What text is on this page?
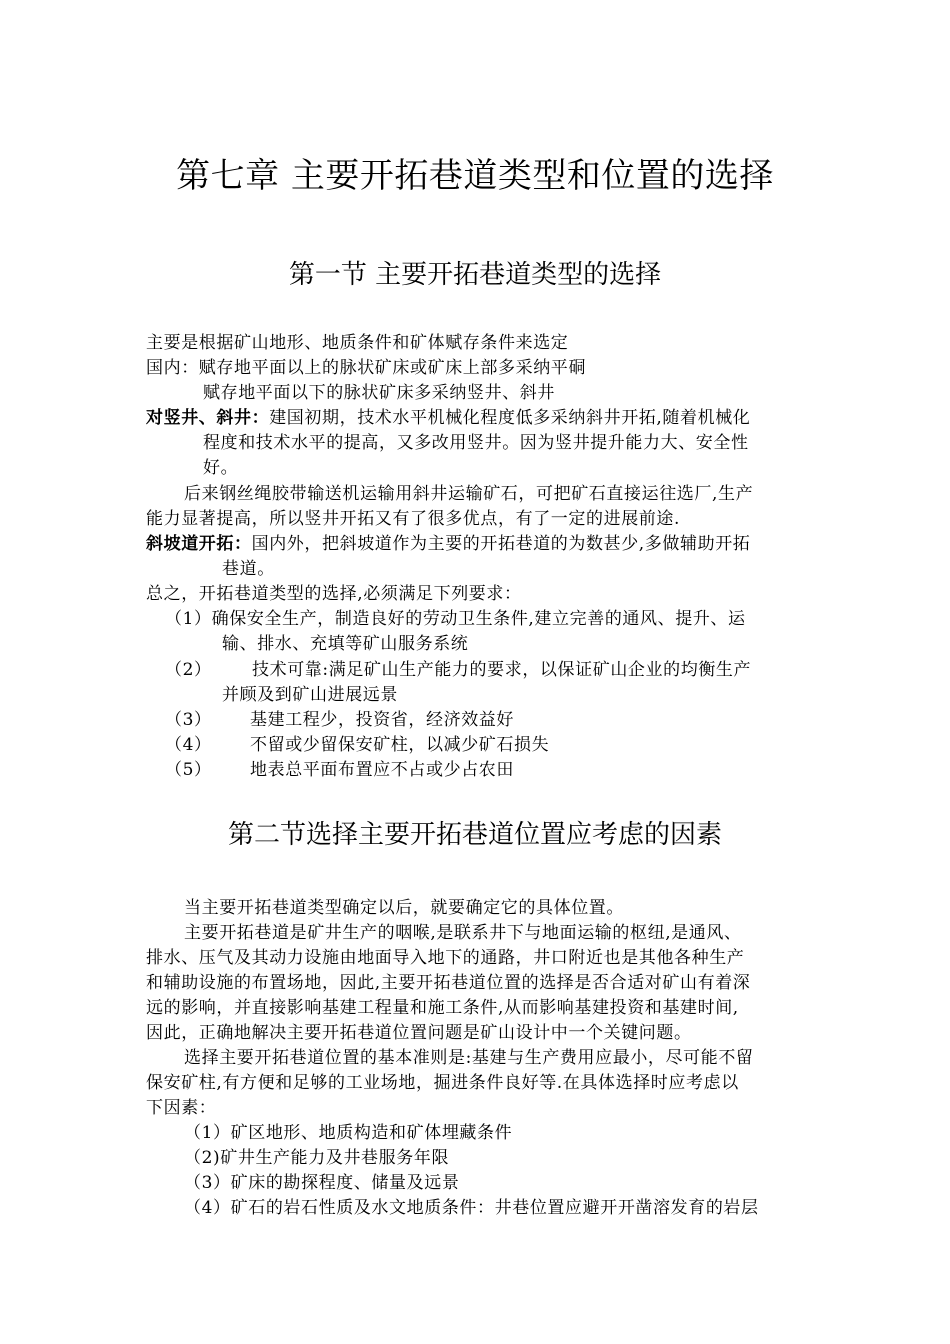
第七章 主要开拓巷道类型和位置的选择
第一节 主要开拓巷道类型的选择
主要是根据矿山地形、地质条件和矿体赋存条件来选定
国内：赋存地平面以上的脉状矿床或矿床上部多采纳平硐
赋存地平面以下的脉状矿床多采纳竖井、斜井
对竖井、斜井：建国初期，技术水平机械化程度低多采纳斜井开拓,随着机械化
程度和技术水平的提高，又多改用竖井。因为竖井提升能力大、安全性
好。
后来钢丝绳胶带输送机运输用斜井运输矿石，可把矿石直接运往选厂,生产
能力显著提高，所以竖井开拓又有了很多优点，有了一定的进展前途.
斜坡道开拓：国内外，把斜坡道作为主要的开拓巷道的为数甚少,多做辅助开拓
巷道。
总之，开拓巷道类型的选择,必须满足下列要求：
（1）确保安全生产，制造良好的劳动卫生条件,建立完善的通风、提升、运
输、排水、充填等矿山服务系统
（2） 技术可靠:满足矿山生产能力的要求，以保证矿山企业的均衡生产
并顾及到矿山进展远景
（3） 基建工程少，投资省，经济效益好
（4） 不留或少留保安矿柱，以减少矿石损失
（5） 地表总平面布置应不占或少占农田
第二节选择主要开拓巷道位置应考虑的因素
当主要开拓巷道类型确定以后，就要确定它的具体位置。
主要开拓巷道是矿井生产的咽喉,是联系井下与地面运输的枢纽,是通风、
排水、压气及其动力设施由地面导入地下的通路，井口附近也是其他各种生产
和辅助设施的布置场地，因此,主要开拓巷道位置的选择是否合适对矿山有着深
远的影响，并直接影响基建工程量和施工条件,从而影响基建投资和基建时间,
因此，正确地解决主要开拓巷道位置问题是矿山设计中一个关键问题。
选择主要开拓巷道位置的基本准则是:基建与生产费用应最小，尽可能不留
保安矿柱,有方便和足够的工业场地，掘进条件良好等.在具体选择时应考虑以
下因素：
（1）矿区地形、地质构造和矿体埋藏条件
（2)矿井生产能力及井巷服务年限
（3）矿床的勘探程度、储量及远景
（4）矿石的岩石性质及水文地质条件：井巷位置应避开开凿溶发育的岩层
